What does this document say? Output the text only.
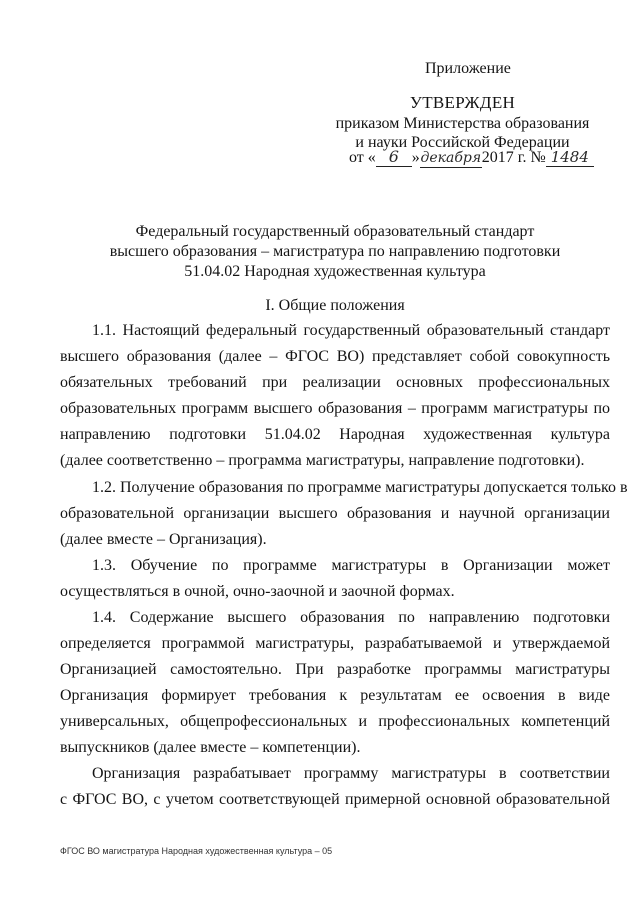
Приложение
УТВЕРЖДЕН
приказом Министерства образования
и науки Российской Федерации
от « 6 »декабря2017 г. № 1484
Федеральный государственный образовательный стандарт
высшего образования – магистратура по направлению подготовки
51.04.02 Народная художественная культура
I. Общие положения
1.1. Настоящий федеральный государственный образовательный стандарт
высшего образования (далее – ФГОС ВО) представляет собой совокупность
обязательных требований при реализации основных профессиональных
образовательных программ высшего образования – программ магистратуры по
направлению подготовки 51.04.02 Народная художественная культура
(далее соответственно – программа магистратуры, направление подготовки).
1.2. Получение образования по программе магистратуры допускается только в
образовательной организации высшего образования и научной организации
(далее вместе – Организация).
1.3. Обучение по программе магистратуры в Организации может
осуществляться в очной, очно-заочной и заочной формах.
1.4. Содержание высшего образования по направлению подготовки
определяется программой магистратуры, разрабатываемой и утверждаемой
Организацией самостоятельно. При разработке программы магистратуры
Организация формирует требования к результатам ее освоения в виде
универсальных, общепрофессиональных и профессиональных компетенций
выпускников (далее вместе – компетенции).
Организация разрабатывает программу магистратуры в соответствии
с ФГОС ВО, с учетом соответствующей примерной основной образовательной
ФГОС ВО магистратура Народная художественная культура – 05
